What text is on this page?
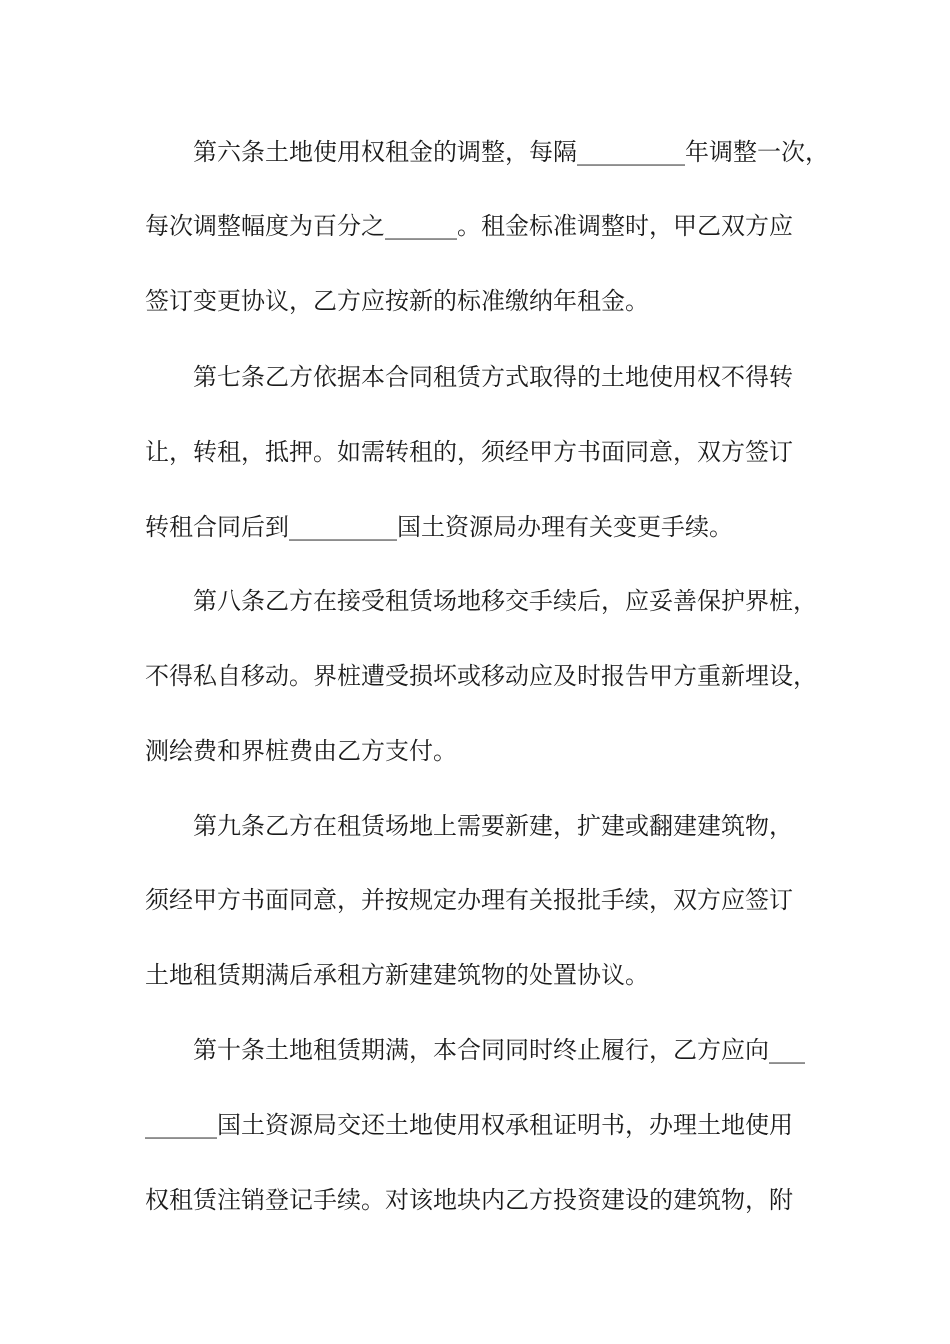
第六条土地使用权租金的调整，每隔_________年调整一次，
每次调整幅度为百分之______。租金标准调整时，甲乙双方应
签订变更协议，乙方应按新的标准缴纳年租金。
第七条乙方依据本合同租赁方式取得的土地使用权不得转
让，转租，抵押。如需转租的，须经甲方书面同意，双方签订
转租合同后到_________国土资源局办理有关变更手续。
第八条乙方在接受租赁场地移交手续后，应妥善保护界桩，
不得私自移动。界桩遭受损坏或移动应及时报告甲方重新埋设，
测绘费和界桩费由乙方支付。
第九条乙方在租赁场地上需要新建，扩建或翻建建筑物，
须经甲方书面同意，并按规定办理有关报批手续，双方应签订
土地租赁期满后承租方新建建筑物的处置协议。
第十条土地租赁期满，本合同同时终止履行，乙方应向___
______国土资源局交还土地使用权承租证明书，办理土地使用
权租赁注销登记手续。对该地块内乙方投资建设的建筑物，附
